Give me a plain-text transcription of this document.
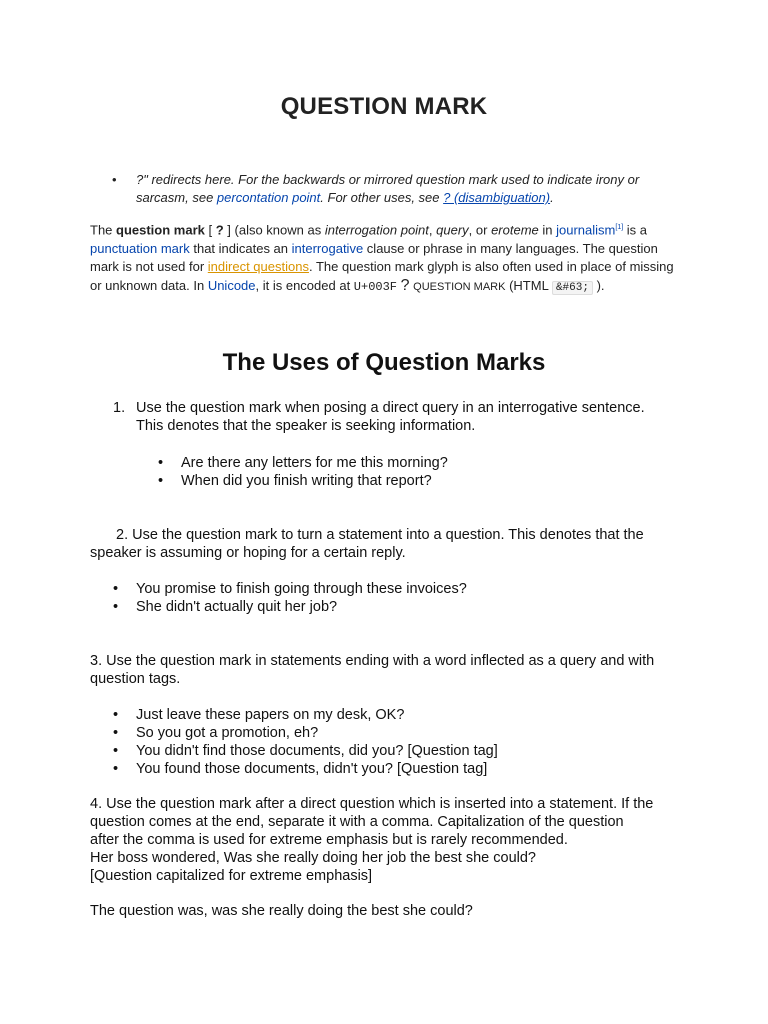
QUESTION MARK
• ?" redirects here. For the backwards or mirrored question mark used to indicate irony or sarcasm, see percontation point. For other uses, see ? (disambiguation).
The question mark [ ? ] (also known as interrogation point, query, or eroteme in journalism[1] is a punctuation mark that indicates an interrogative clause or phrase in many languages. The question mark is not used for indirect questions. The question mark glyph is also often used in place of missing or unknown data. In Unicode, it is encoded at U+003F ? QUESTION MARK (HTML &#63; ).
The Uses of Question Marks
1. Use the question mark when posing a direct query in an interrogative sentence.
This denotes that the speaker is seeking information.
• Are there any letters for me this morning?
• When did you finish writing that report?
2. Use the question mark to turn a statement into a question. This denotes that the
speaker is assuming or hoping for a certain reply.
• You promise to finish going through these invoices?
• She didn't actually quit her job?
3. Use the question mark in statements ending with a word inflected as a query and with
question tags.
• Just leave these papers on my desk, OK?
• So you got a promotion, eh?
• You didn't find those documents, did you? [Question tag]
• You found those documents, didn't you? [Question tag]
4. Use the question mark after a direct question which is inserted into a statement. If the
question comes at the end, separate it with a comma. Capitalization of the question
after the comma is used for extreme emphasis but is rarely recommended.
Her boss wondered, Was she really doing her job the best she could?
[Question capitalized for extreme emphasis]
The question was, was she really doing the best she could?
